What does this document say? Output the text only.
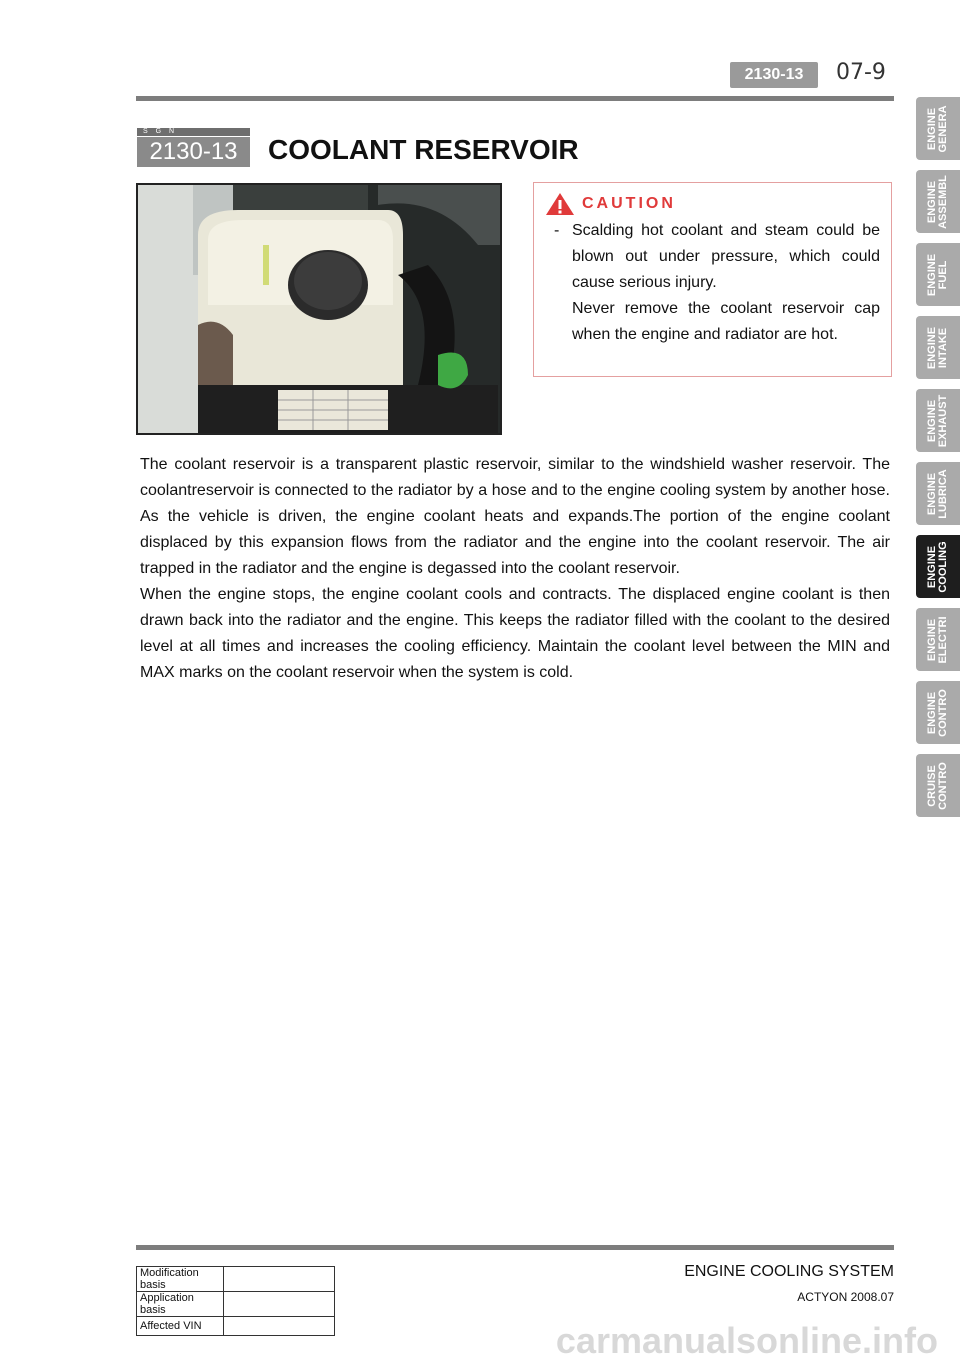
2130-13	07-9
S G N
2130-13	COOLANT RESERVOIR
CAUTION
- Scalding hot coolant and steam could be blown out under pressure, which could cause serious injury.

Never remove the coolant reservoir cap when the engine and radiator are hot.

The coolant reservoir is a transparent plastic reservoir, similar to the windshield washer reservoir. The coolantreservoir is connected to the radiator by a hose and to the engine cooling system by another hose. As the vehicle is driven, the engine coolant heats and expands.The portion of the engine coolant displaced by this expansion flows from the radiator and the engine into the coolant reservoir. The air trapped in the radiator and the engine is degassed into the coolant reservoir.

When the engine stops, the engine coolant cools and contracts. The displaced engine coolant is then drawn back into the radiator and the engine. This keeps the radiator filled with the coolant to the desired level at all times and increases the cooling efficiency. Maintain the coolant level between the MIN and MAX marks on the coolant reservoir when the system is cold.

ENGINE
GENERA
ENGINE
ASSEMBL
ENGINE
FUEL
ENGINE
INTAKE
ENGINE
EXHAUST
ENGINE
LUBRICA
ENGINE
COOLING
ENGINE
ELECTRI
ENGINE
CONTRO
CRUISE
CONTRO
Modification basis	
Application basis	
Affected VIN	
ENGINE COOLING SYSTEM
ACTYON 2008.07
carmanualsonline.info
